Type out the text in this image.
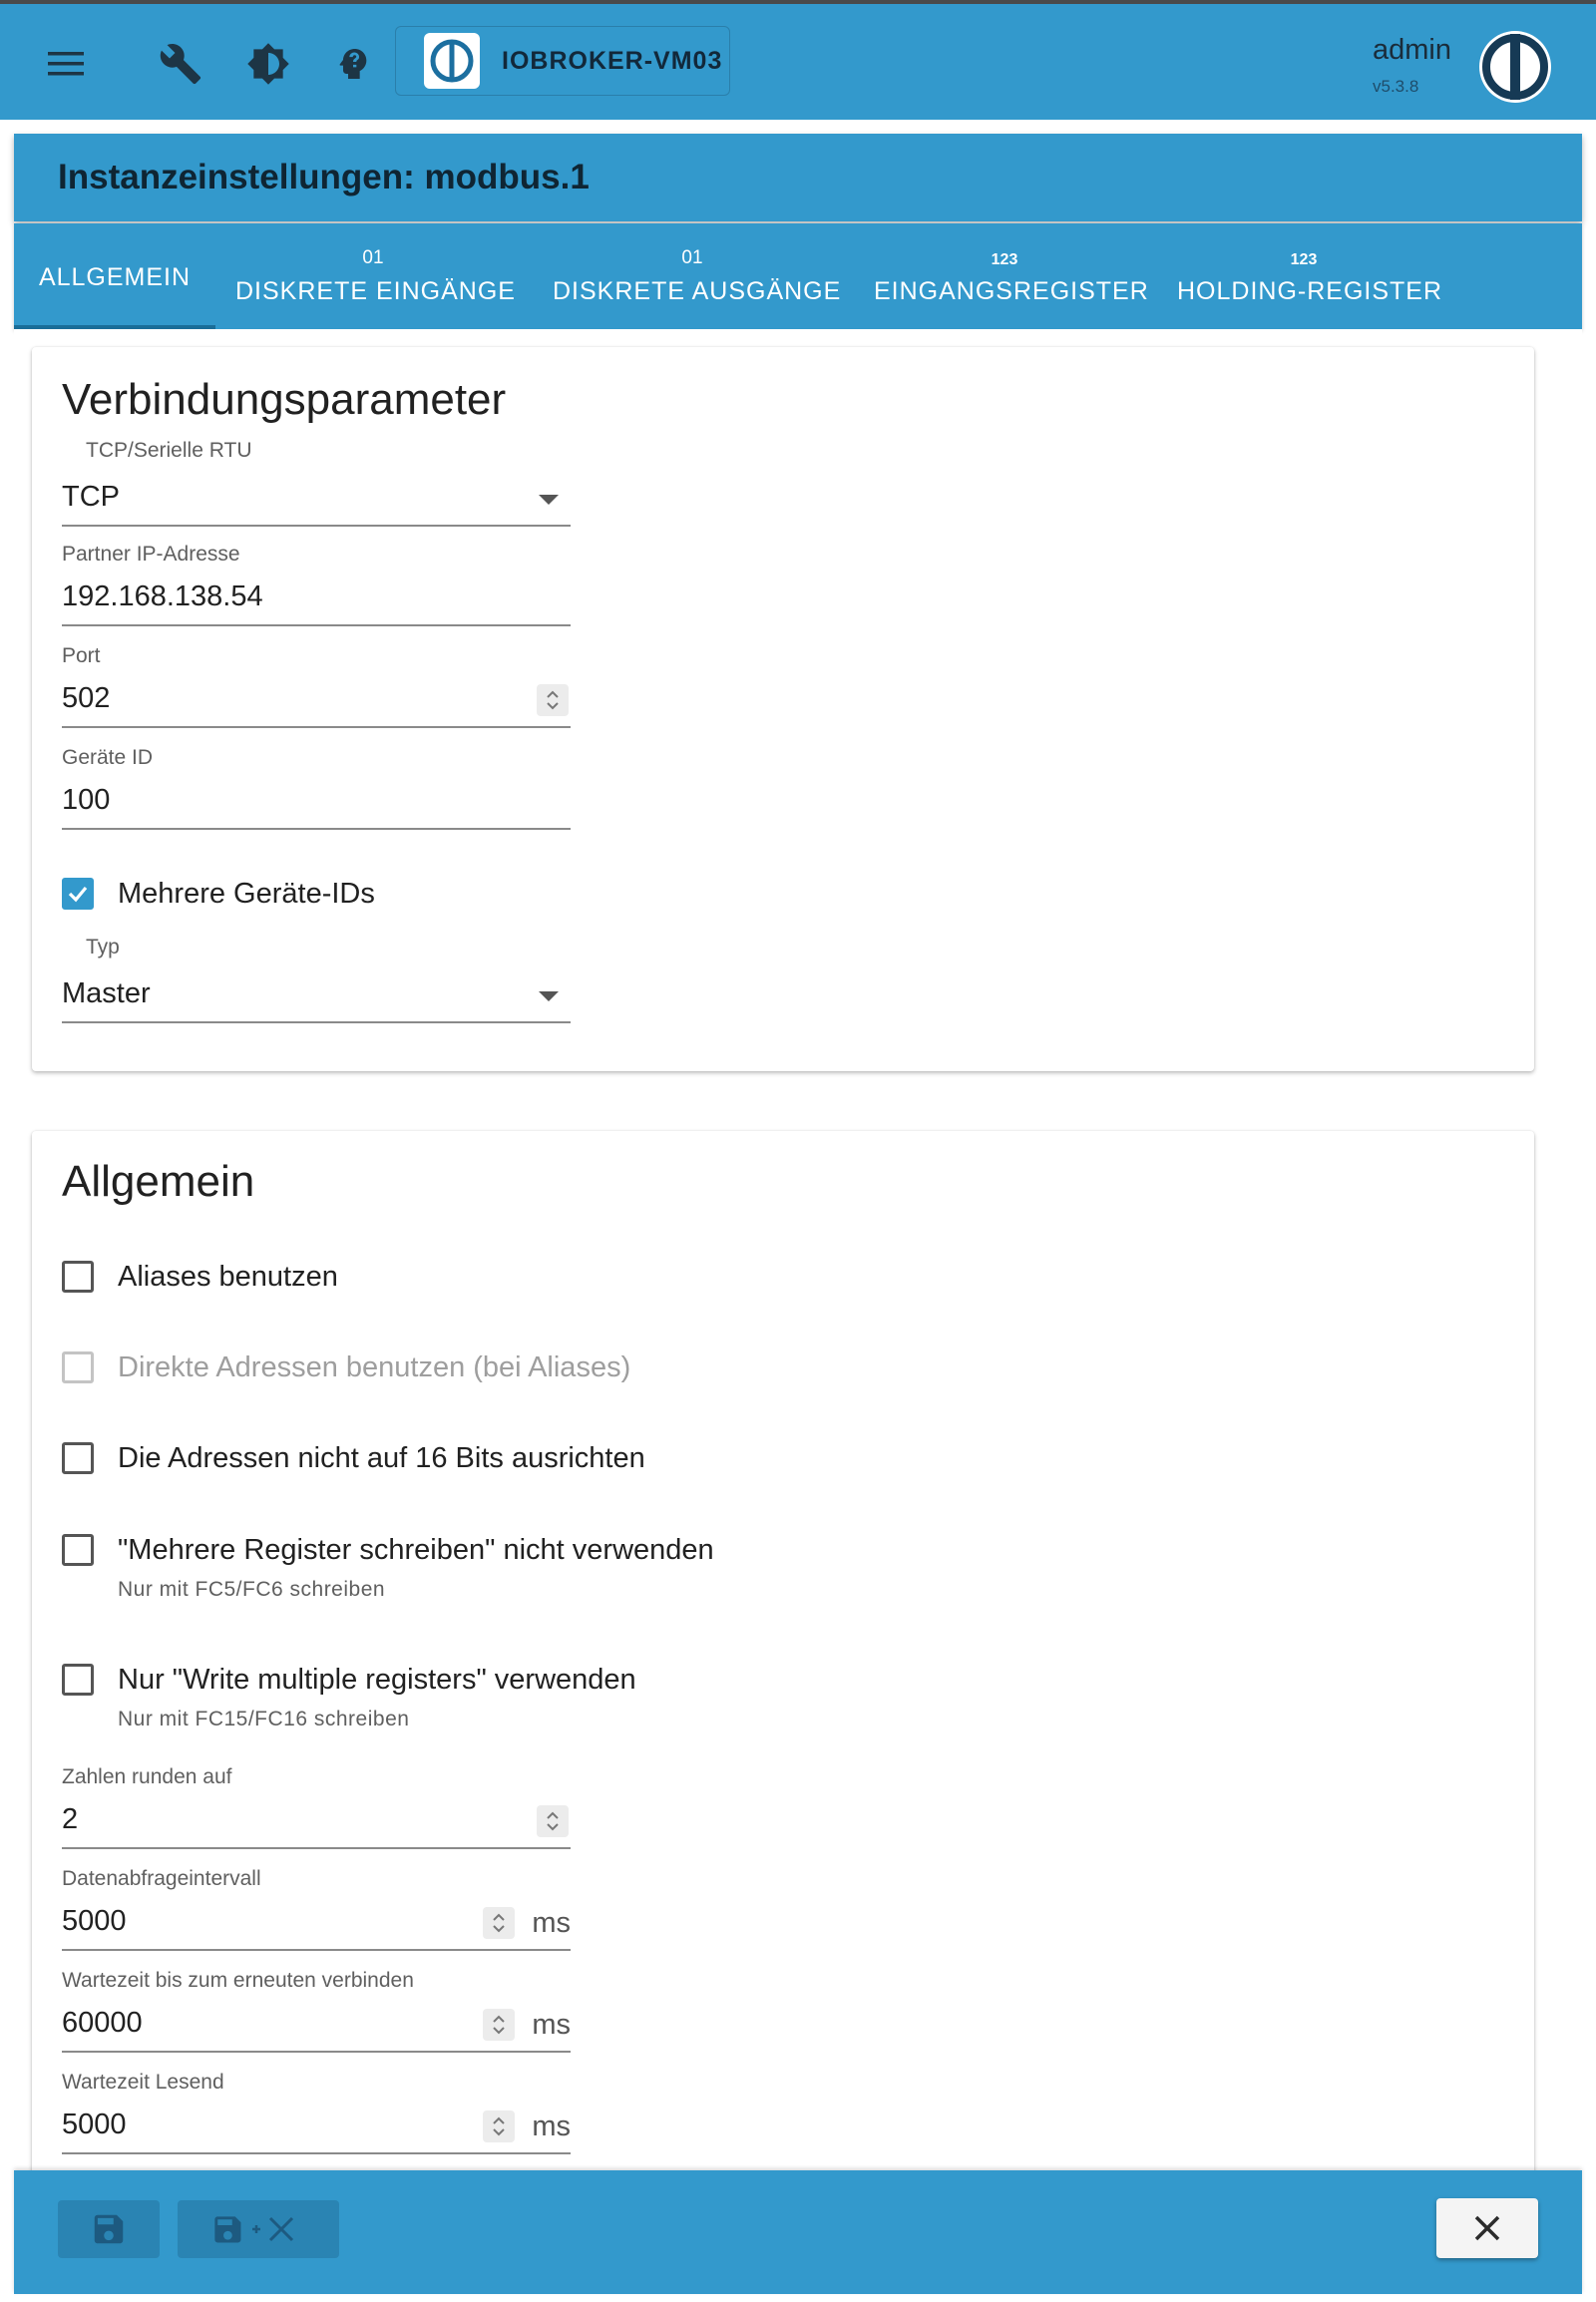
IOBROKER-VM03	admin
v5.3.8
Instanzeinstellungen: modbus.1
ALLGEMEIN
01
DISKRETE EINGÄNGE
01
DISKRETE AUSGÄNGE
123
EINGANGSREGISTER
123
HOLDING-REGISTER
Verbindungsparameter
TCP/Serielle RTU
TCP
Partner IP-Adresse
192.168.138.54
Port
502
Geräte ID
100
Mehrere Geräte-IDs
Typ
Master
Allgemein
Aliases benutzen
Direkte Adressen benutzen (bei Aliases)
Die Adressen nicht auf 16 Bits ausrichten
"Mehrere Register schreiben" nicht verwenden
Nur mit FC5/FC6 schreiben
Nur "Write multiple registers" verwenden
Nur mit FC15/FC16 schreiben
Zahlen runden auf
2
Datenabfrageintervall
5000	ms
Wartezeit bis zum erneuten verbinden
60000	ms
Wartezeit Lesend
5000	ms
